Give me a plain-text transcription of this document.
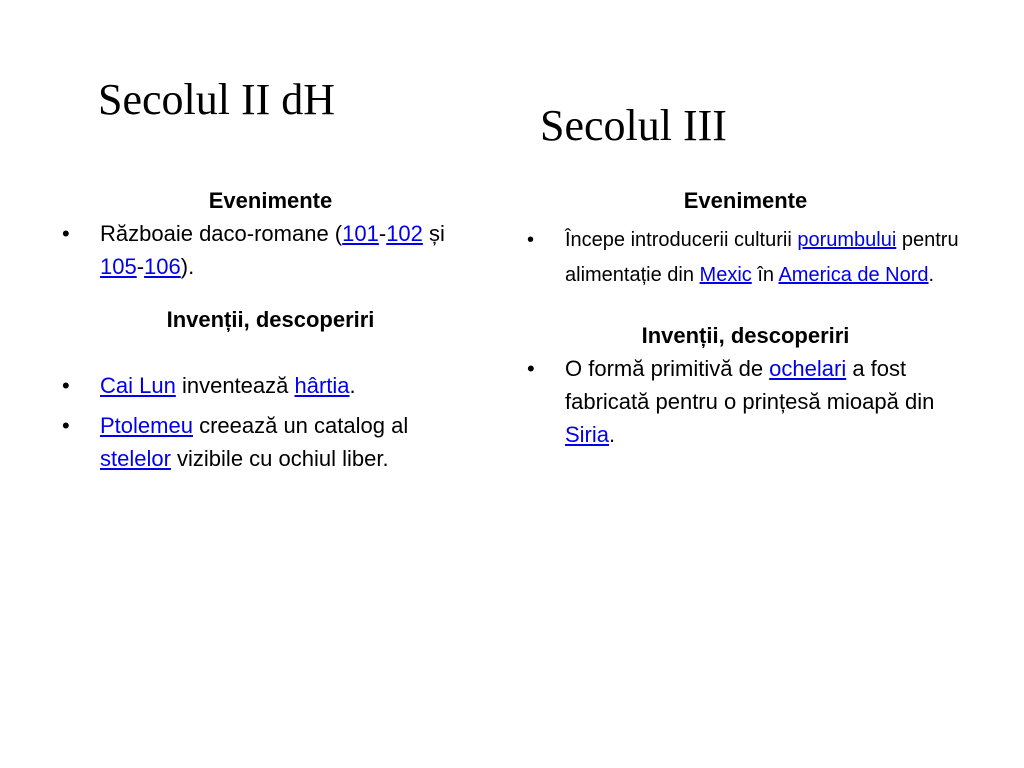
Secolul II dH
Secolul III

Evenimente

• Războaie daco-romane (101-102 și 105-106).

Invenții, descoperiri

• Cai Lun inventează hârtia.
• Ptolemeu creează un catalog al stelelor vizibile cu ochiul liber.

Evenimente

• Începe introducerii culturii porumbului pentru alimentație din Mexic în America de Nord.

Invenții, descoperiri

• O formă primitivă de ochelari a fost fabricată pentru o prințesă mioapă din Siria.
